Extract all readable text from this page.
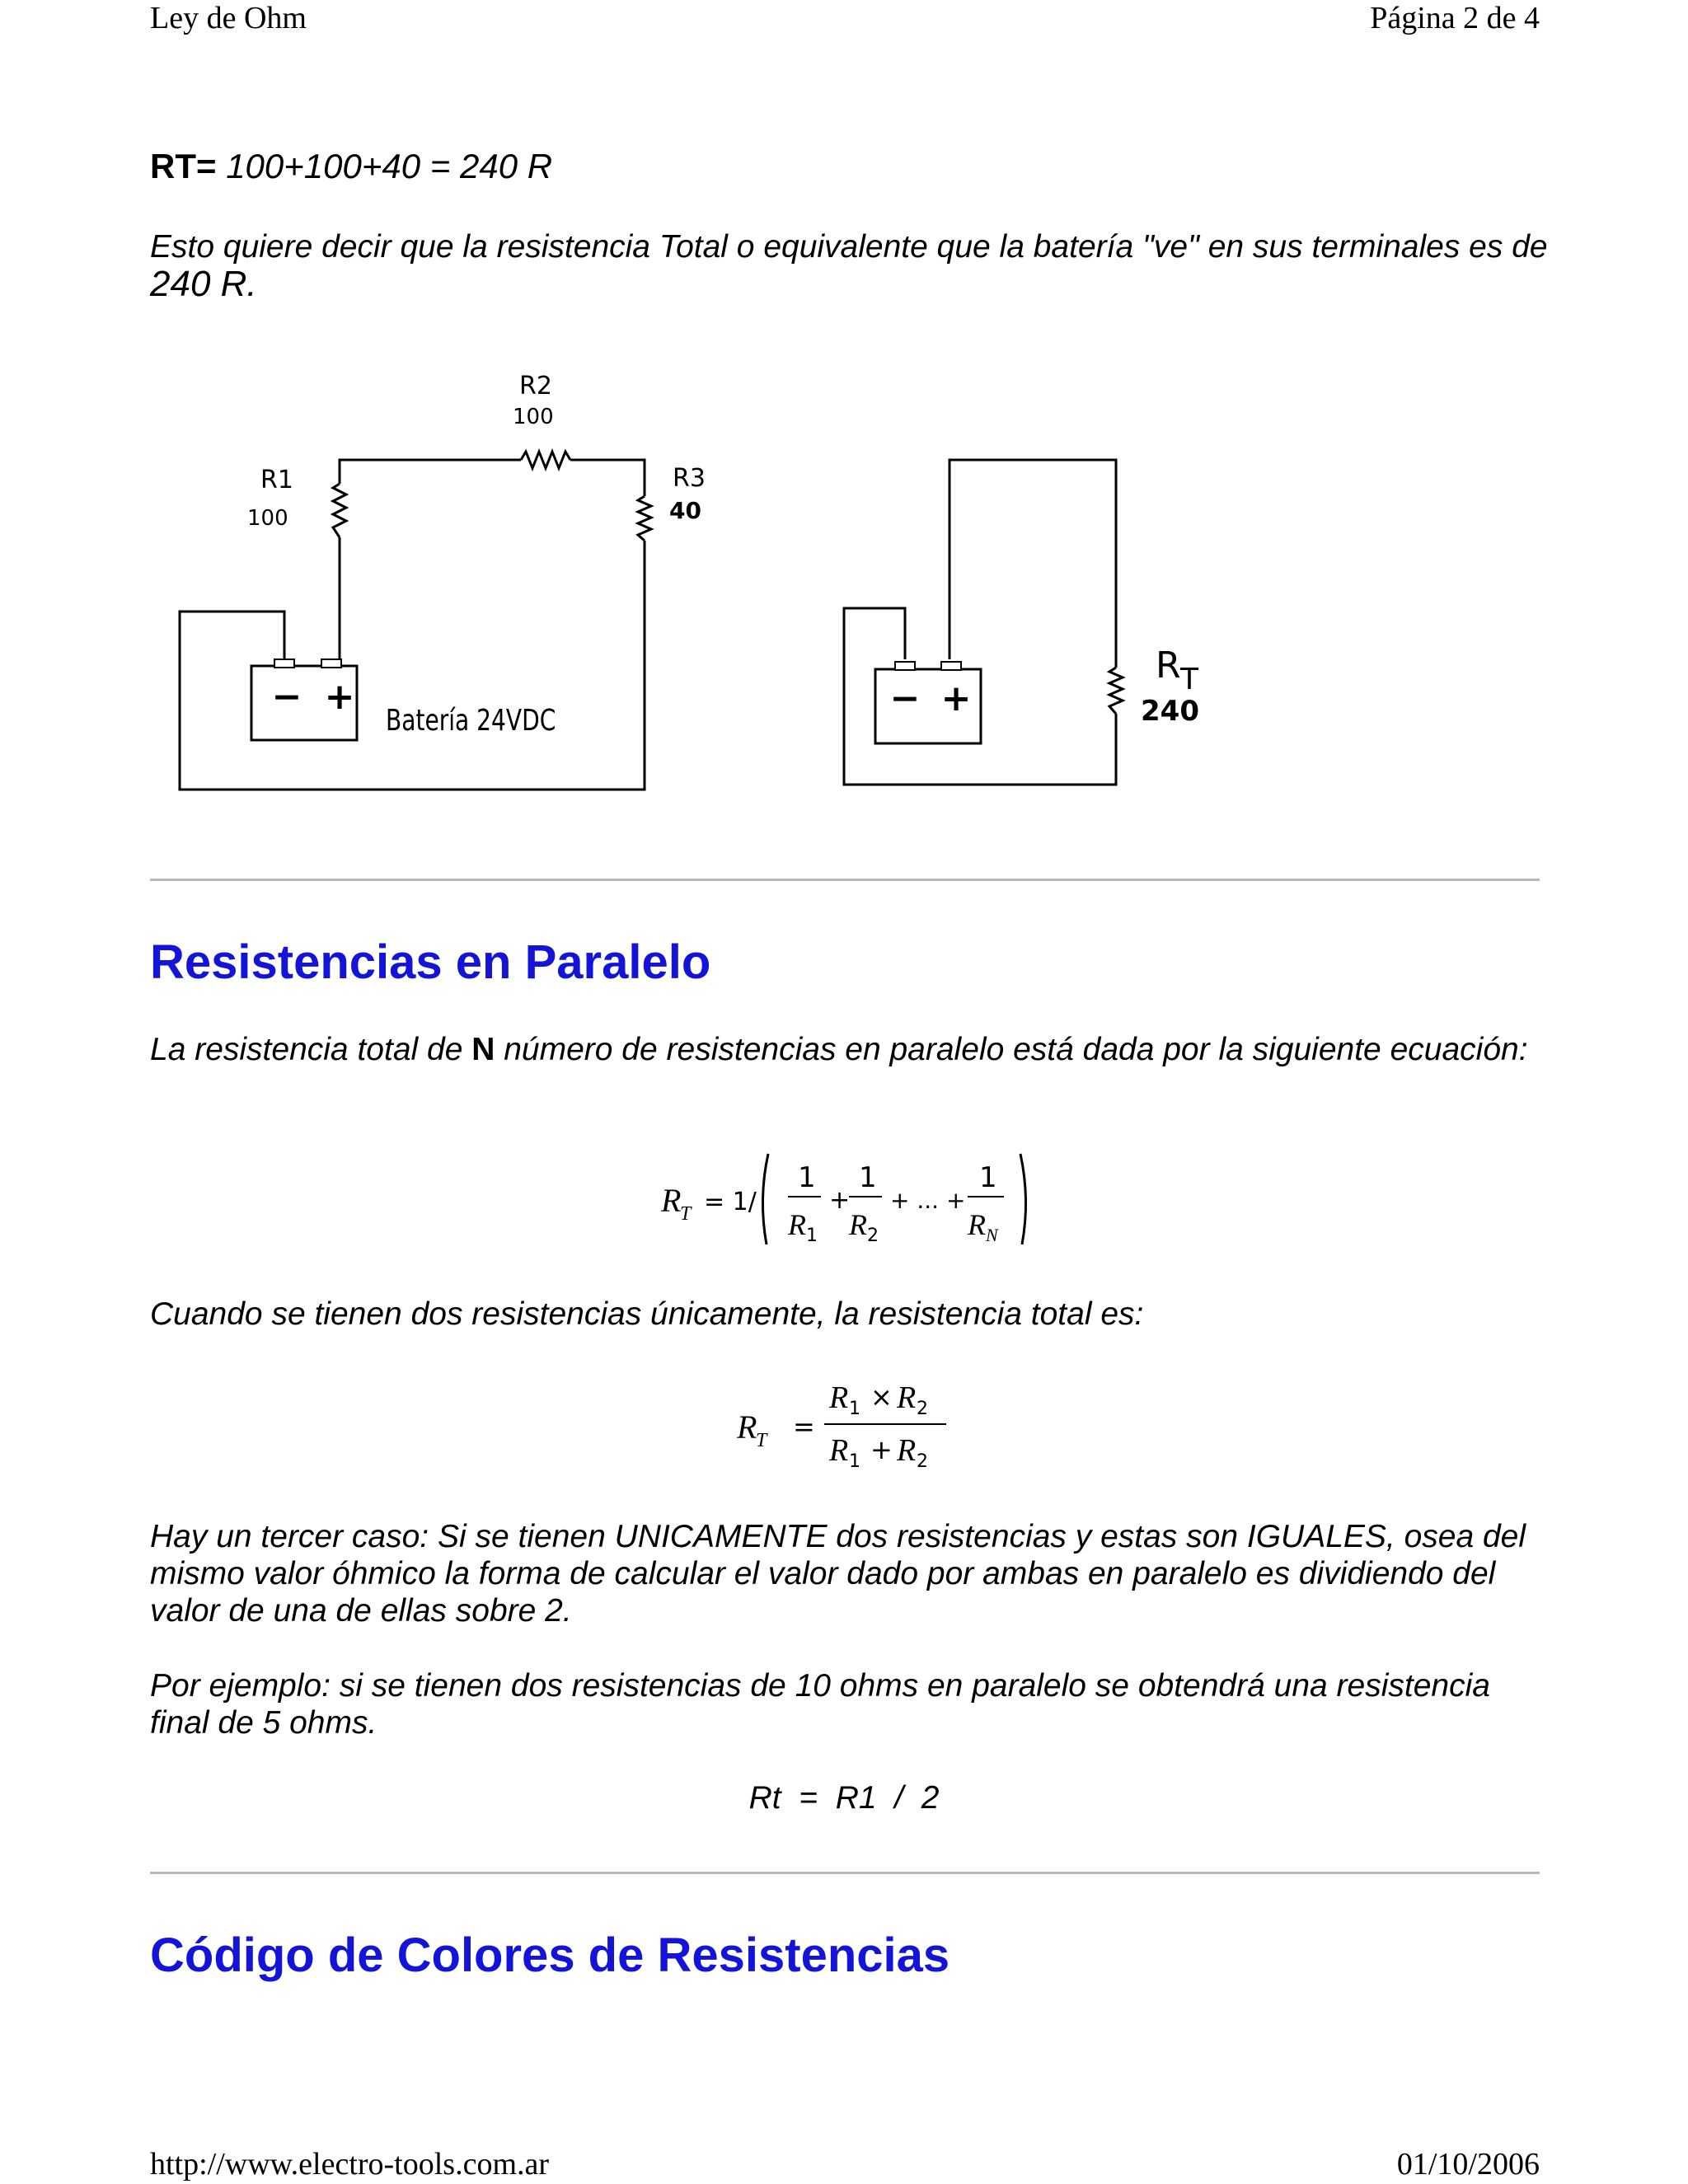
Ley de Ohm	Página 2 de 4
RT= 100+100+40 = 240 R

Esto quiere decir que la resistencia Total o equivalente que la batería "ve" en sus terminales es de 240 R.

− +
R1
100
R2
100
R3
40
Batería 24VDC
− +
R T
240
Resistencias en Paralelo

La resistencia total de N número de resistencias en paralelo está dada por la siguiente ecuación:

R
T = 1/
1
R 1
+
1
R 2
+ ... +
1
R N

Cuando se tienen dos resistencias únicamente, la resistencia total es:

R
T =
R 1 × R 2
R 1 + R 2

Hay un tercer caso: Si se tienen UNICAMENTE dos resistencias y estas son IGUALES, osea del mismo valor óhmico la forma de calcular el valor dado por ambas en paralelo es dividiendo del valor de una de ellas sobre 2.

Por ejemplo: si se tienen dos resistencias de 10 ohms en paralelo se obtendrá una resistencia final de 5 ohms.

Rt  =  R1  /  2
Código de Colores de Resistencias
http://www.electro-tools.com.ar	01/10/2006
